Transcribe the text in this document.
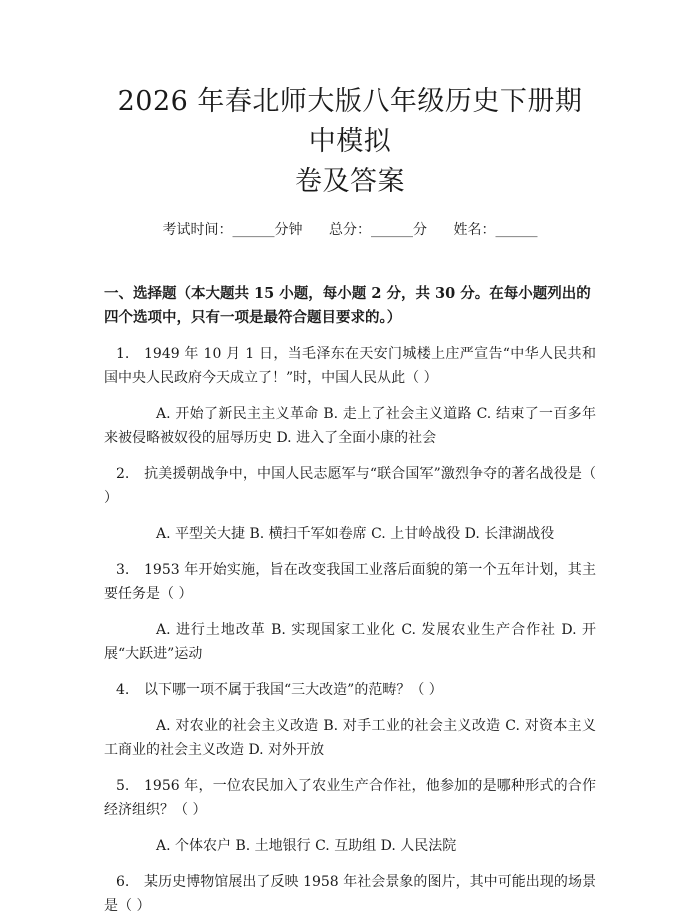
2026 年春北师大版八年级历史下册期中模拟
卷及答案
考试时间：______分钟 总分：______分 姓名：______
一、选择题（本大题共 15 小题，每小题 2 分，共 30 分。在每小题列出的四个选项中，只有一项是最符合题目要求的。）
1. 1949 年 10 月 1 日，当毛泽东在天安门城楼上庄严宣告“中华人民共和国中央人民政府今天成立了！”时，中国人民从此（ ）
A. 开始了新民主主义革命 B. 走上了社会主义道路 C. 结束了一百多年来被侵略被奴役的屈辱历史 D. 进入了全面小康的社会
2. 抗美援朝战争中，中国人民志愿军与“联合国军”激烈争夺的著名战役是（ ）
A. 平型关大捷 B. 横扫千军如卷席 C. 上甘岭战役 D. 长津湖战役
3. 1953 年开始实施，旨在改变我国工业落后面貌的第一个五年计划，其主要任务是（ ）
A. 进行土地改革 B. 实现国家工业化 C. 发展农业生产合作社 D. 开展“大跃进”运动
4. 以下哪一项不属于我国“三大改造”的范畴？（ ）
A. 对农业的社会主义改造 B. 对手工业的社会主义改造 C. 对资本主义工商业的社会主义改造 D. 对外开放
5. 1956 年，一位农民加入了农业生产合作社，他参加的是哪种形式的合作经济组织？（ ）
A. 个体农户 B. 土地银行 C. 互助组 D. 人民法院
6. 某历史博物馆展出了反映 1958 年社会景象的图片，其中可能出现的场景是（ ）
